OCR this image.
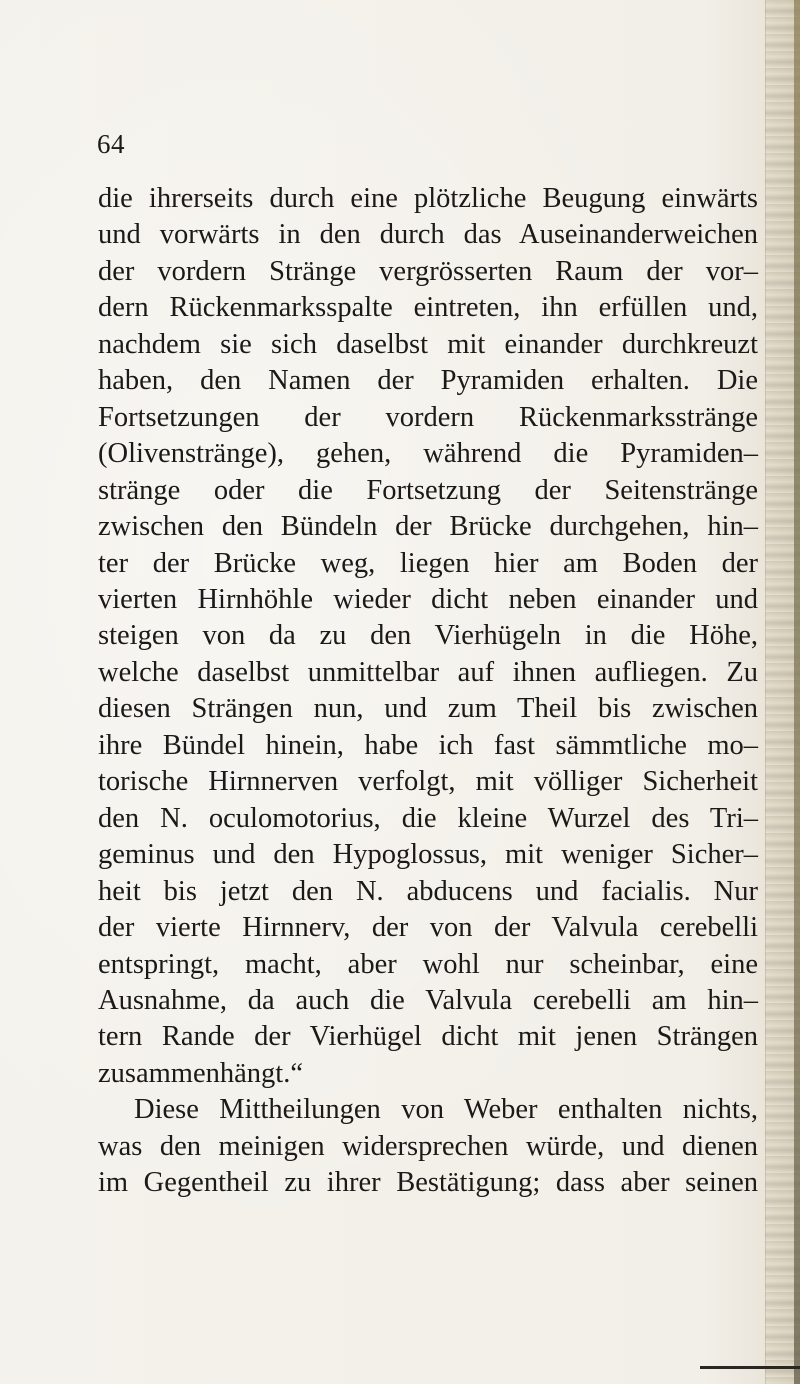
64
die ihrerseits durch eine plötzliche Beugung einwärts
und vorwärts in den durch das Auseinanderweichen
der vordern Stränge vergrösserten Raum der vor–
dern Rückenmarksspalte eintreten, ihn erfüllen und,
nachdem sie sich daselbst mit einander durchkreuzt
haben, den Namen der Pyramiden erhalten. Die
Fortsetzungen der vordern Rückenmarksstränge
(Olivenstränge), gehen, während die Pyramiden–
stränge oder die Fortsetzung der Seitenstränge
zwischen den Bündeln der Brücke durchgehen, hin–
ter der Brücke weg, liegen hier am Boden der
vierten Hirnhöhle wieder dicht neben einander und
steigen von da zu den Vierhügeln in die Höhe,
welche daselbst unmittelbar auf ihnen aufliegen. Zu
diesen Strängen nun, und zum Theil bis zwischen
ihre Bündel hinein, habe ich fast sämmtliche mo–
torische Hirnnerven verfolgt, mit völliger Sicherheit
den N. oculomotorius, die kleine Wurzel des Tri–
geminus und den Hypoglossus, mit weniger Sicher–
heit bis jetzt den N. abducens und facialis. Nur
der vierte Hirnnerv, der von der Valvula cerebelli
entspringt, macht, aber wohl nur scheinbar, eine
Ausnahme, da auch die Valvula cerebelli am hin–
tern Rande der Vierhügel dicht mit jenen Strängen
zusammenhängt.“
Diese Mittheilungen von Weber enthalten nichts,
was den meinigen widersprechen würde, und dienen
im Gegentheil zu ihrer Bestätigung; dass aber seinen
